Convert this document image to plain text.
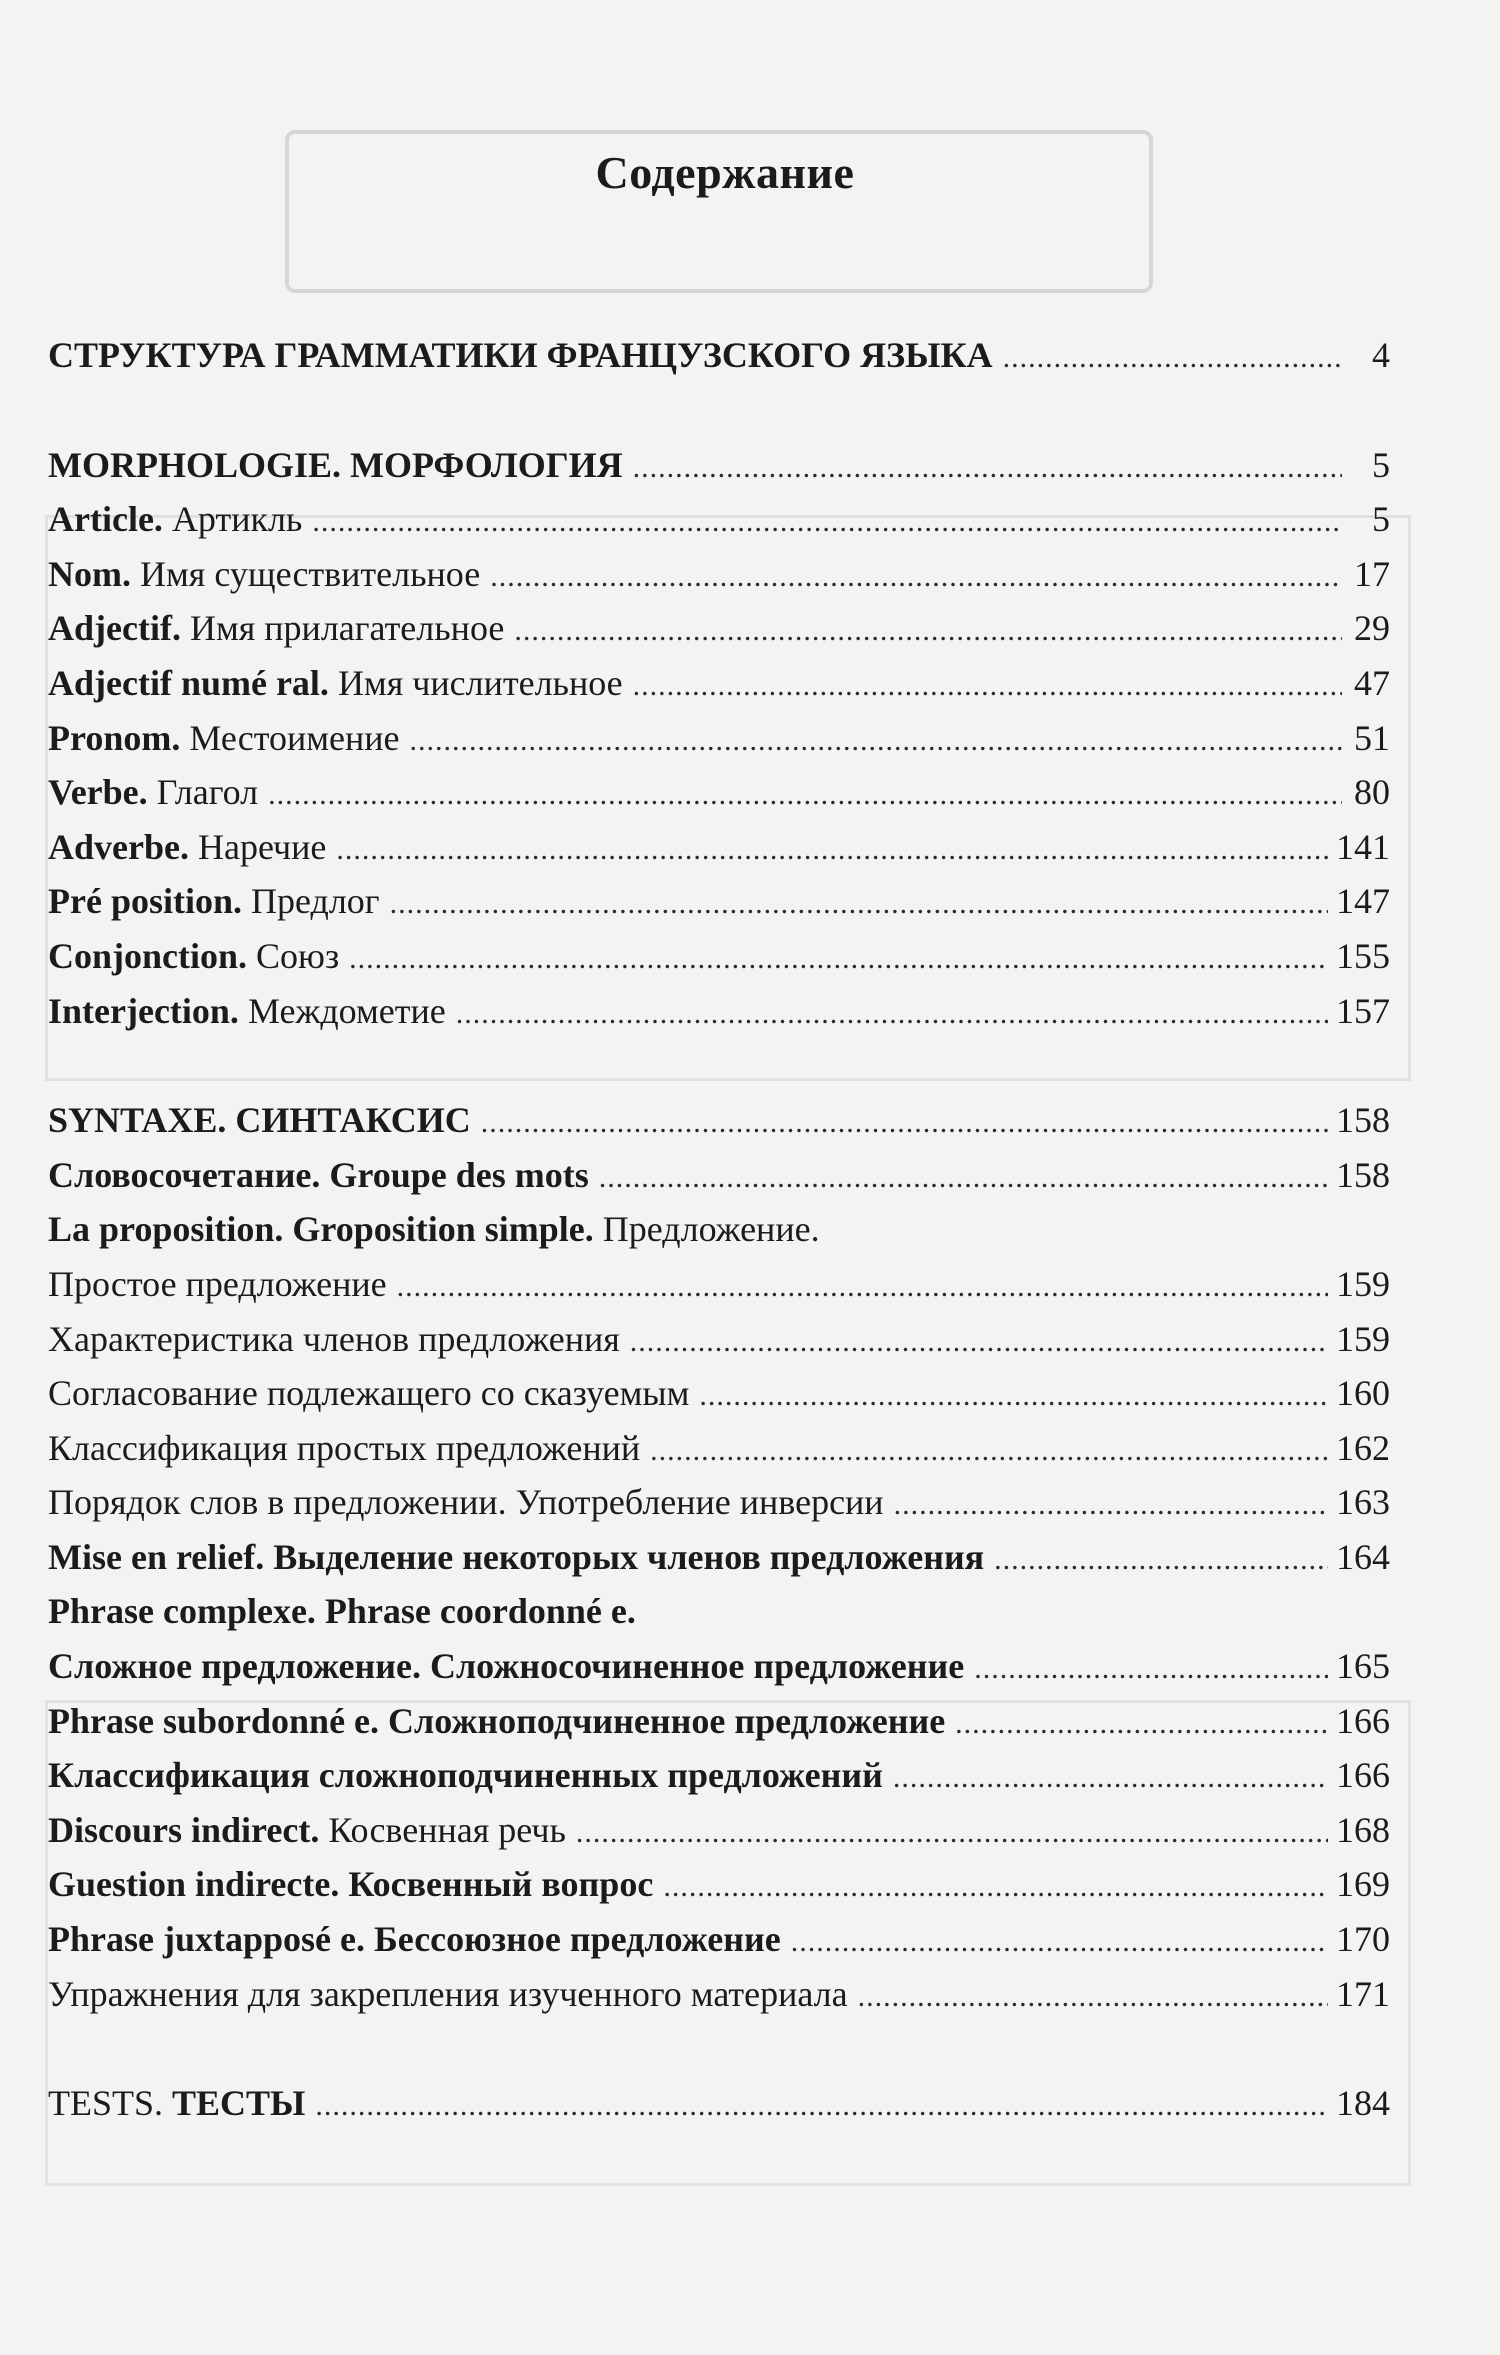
Содержание
СТРУКТУРА ГРАММАТИКИ ФРАНЦУЗСКОГО ЯЗЫКА .....	4
MORPHOLOGIE. МОРФОЛОГИЯ .....	5
Article. Артикль .....	5
Nom. Имя существительное .....	17
Adjectif. Имя прилагательное .....	29
Adjectif numé ral. Имя числительное .....	47
Pronom. Местоимение .....	51
Verbe. Глагол .....	80
Adverbe. Наречие .....	141
Pré position. Предлог .....	147
Conjonction. Союз .....	155
Interjection. Междометие .....	157
SYNTAXE. СИНТАКСИС .....	158
Словосочетание. Groupe des mots .....	158
La proposition. Groposition simple. Предложение.
Простое предложение .....	159
Характеристика членов предложения .....	159
Согласование подлежащего со сказуемым .....	160
Классификация простых предложений .....	162
Порядок слов в предложении. Употребление инверсии .....	163
Mise en relief. Выделение некоторых членов предложения .....	164
Phrase complexe. Phrase coordonné e.
Сложное предложение. Сложносочиненное предложение .....	165
Phrase subordonné e. Сложноподчиненное предложение .....	166
Классификация сложноподчиненных предложений .....	166
Discours indirect. Косвенная речь .....	168
Guestion indirecte. Косвенный вопрос .....	169
Phrase juxtapposé e. Бессоюзное предложение .....	170
Упражнения для закрепления изученного материала .....	171
TESTS. ТЕСТЫ .....	184
